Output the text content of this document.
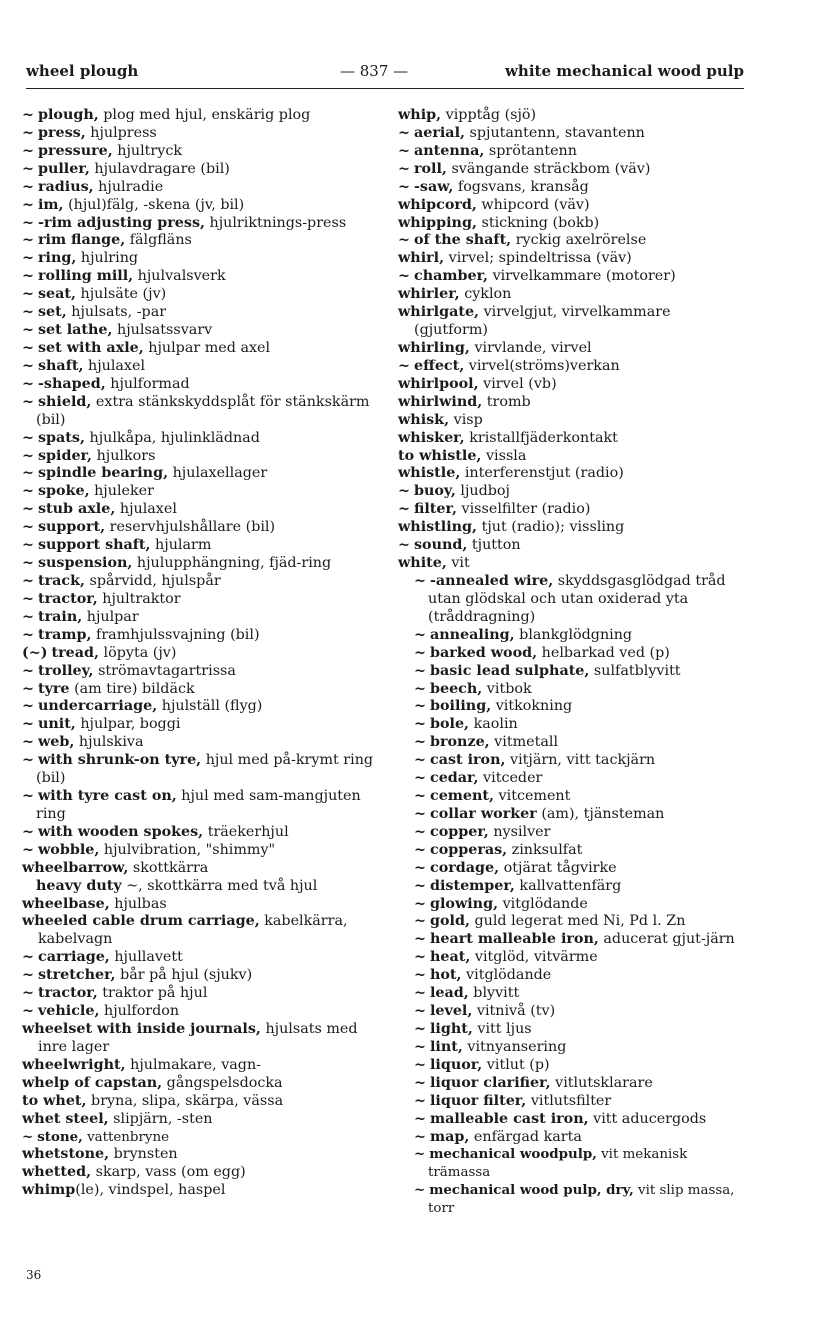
wheel plough	— 837 —	white mechanical wood pulp
~ plough, plog med hjul, enskärig plog
~ press, hjulpress
~ pressure, hjultryck
~ puller, hjulavdragare (bil)
~ radius, hjulradie
~ im, (hjul)fälg, -skena (jv, bil)
~ -rim adjusting press, hjulriktnings-press
~ rim flange, fälgfläns
~ ring, hjulring
~ rolling mill, hjulvalsverk
~ seat, hjulsäte (jv)
~ set, hjulsats, -par
~ set lathe, hjulsatssvarv
~ set with axle, hjulpar med axel
~ shaft, hjulaxel
~ -shaped, hjulformad
~ shield, extra stänkskyddsplåt för stänkskärm (bil)
~ spats, hjulkåpa, hjulinklädnad
~ spider, hjulkors
~ spindle bearing, hjulaxellager
~ spoke, hjuleker
~ stub axle, hjulaxel
~ support, reservhjulshållare (bil)
~ support shaft, hjularm
~ suspension, hjulupphängning, fjäd-ring
~ track, spårvidd, hjulspår
~ tractor, hjultraktor
~ train, hjulpar
~ tramp, framhjulssvajning (bil)
(~) tread, löpyta (jv)
~ trolley, strömavtagartrissa
~ tyre (am tire) bildäck
~ undercarriage, hjulställ (flyg)
~ unit, hjulpar, boggi
~ web, hjulskiva
~ with shrunk-on tyre, hjul med på-krymt ring (bil)
~ with tyre cast on, hjul med sam-mangjuten ring
~ with wooden spokes, träekerhjul
~ wobble, hjulvibration, "shimmy"
wheelbarrow, skottkärra
heavy duty ~, skottkärra med två hjul
wheelbase, hjulbas
wheeled cable drum carriage, kabelkärra, kabelvagn
~ carriage, hjullavett
~ stretcher, bår på hjul (sjukv)
~ tractor, traktor på hjul
~ vehicle, hjulfordon
wheelset with inside journals, hjulsats med inre lager
wheelwright, hjulmakare, vagn-
whelp of capstan, gångspelsdocka
to whet, bryna, slipa, skärpa, vässa
whet steel, slipjärn, -sten
~ stone, vattenbryne
whetstone, brynsten
whetted, skarp, vass (om egg)
whimp(le), vindspel, haspel
whip, vipptåg (sjö)
~ aerial, spjutantenn, stavantenn
~ antenna, sprötantenn
~ roll, svängande sträckbom (väv)
~ -saw, fogsvans, kransåg
whipcord, whipcord (väv)
whipping, stickning (bokb)
~ of the shaft, ryckig axelrörelse
whirl, virvel; spindeltrissa (väv)
~ chamber, virvelkammare (motorer)
whirler, cyklon
whirlgate, virvelgjut, virvelkammare (gjutform)
whirling, virvlande, virvel
~ effect, virvel(ströms)verkan
whirlpool, virvel (vb)
whirlwind, tromb
whisk, visp
whisker, kristallfjäderkontakt
to whistle, vissla
whistle, interferenstjut (radio)
~ buoy, ljudboj
~ filter, visselfilter (radio)
whistling, tjut (radio); vissling
~ sound, tjutton
white, vit
~ -annealed wire, skyddsgasglödgad tråd utan glödskal och utan oxiderad yta (tråddragning)
~ annealing, blankglödgning
~ barked wood, helbarkad ved (p)
~ basic lead sulphate, sulfatblyvitt
~ beech, vitbok
~ boiling, vitkokning
~ bole, kaolin
~ bronze, vitmetall
~ cast iron, vitjärn, vitt tackjärn
~ cedar, vitceder
~ cement, vitcement
~ collar worker (am), tjänsteman
~ copper, nysilver
~ copperas, zinksulfat
~ cordage, otjärat tågvirke
~ distemper, kallvattenfärg
~ glowing, vitglödande
~ gold, guld legerat med Ni, Pd l. Zn
~ heart malleable iron, aducerat gjut-järn
~ heat, vitglöd, vitvärme
~ hot, vitglödande
~ lead, blyvitt
~ level, vitnivå (tv)
~ light, vitt ljus
~ lint, vitnyansering
~ liquor, vitlut (p)
~ liquor clarifier, vitlutsklarare
~ liquor filter, vitlutsfilter
~ malleable cast iron, vitt aducergods
~ map, enfärgad karta
~ mechanical woodpulp, vit mekanisk trämassa
~ mechanical wood pulp, dry, vit slip massa, torr
36
